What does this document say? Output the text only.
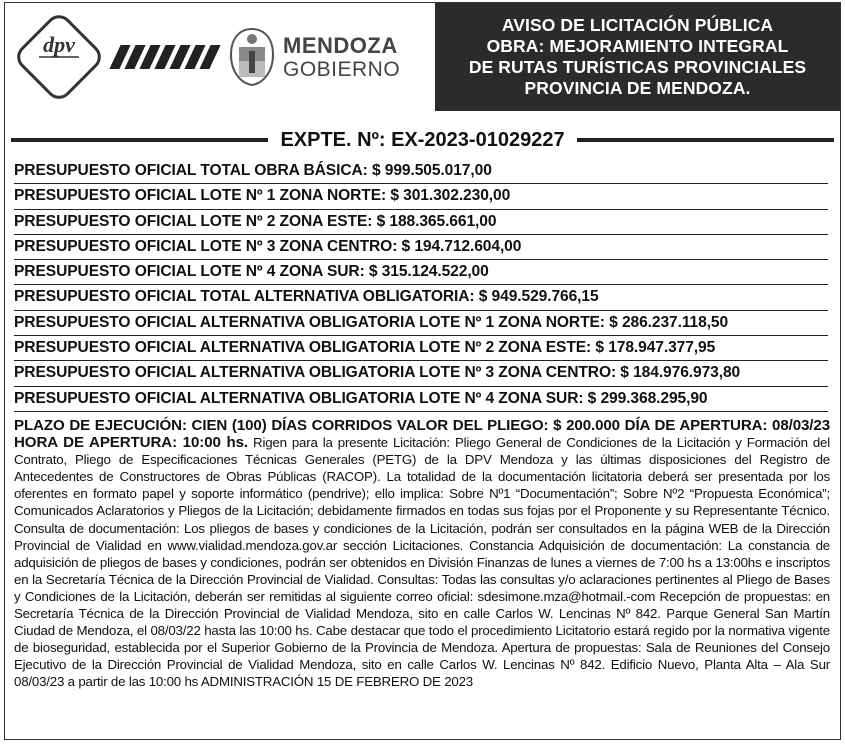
dpv	MENDOZA
GOBIERNO
AVISO DE LICITACIÓN PÚBLICA
OBRA: MEJORAMIENTO INTEGRAL
DE RUTAS TURÍSTICAS PROVINCIALES
PROVINCIA DE MENDOZA.
EXPTE. Nº: EX-2023-01029227
PRESUPUESTO OFICIAL TOTAL OBRA BÁSICA: $ 999.505.017,00
PRESUPUESTO OFICIAL LOTE Nº 1 ZONA NORTE: $ 301.302.230,00
PRESUPUESTO OFICIAL LOTE Nº 2 ZONA ESTE: $ 188.365.661,00
PRESUPUESTO OFICIAL LOTE Nº 3 ZONA CENTRO: $ 194.712.604,00
PRESUPUESTO OFICIAL LOTE Nº 4 ZONA SUR: $ 315.124.522,00
PRESUPUESTO OFICIAL TOTAL ALTERNATIVA OBLIGATORIA: $ 949.529.766,15
PRESUPUESTO OFICIAL ALTERNATIVA OBLIGATORIA LOTE Nº 1 ZONA NORTE: $ 286.237.118,50
PRESUPUESTO OFICIAL ALTERNATIVA OBLIGATORIA LOTE Nº 2 ZONA ESTE: $ 178.947.377,95
PRESUPUESTO OFICIAL ALTERNATIVA OBLIGATORIA LOTE Nº 3 ZONA CENTRO: $ 184.976.973,80
PRESUPUESTO OFICIAL ALTERNATIVA OBLIGATORIA LOTE Nº 4 ZONA SUR: $ 299.368.295,90
PLAZO DE EJECUCIÓN: CIEN (100) DÍAS CORRIDOS VALOR DEL PLIEGO: $ 200.000 DÍA DE APERTURA: 08/03/23 HORA DE APERTURA: 10:00 hs. Rigen para la presente Licitación: Pliego General de Condiciones de la Licitación y Formación del Contrato, Pliego de Especificaciones Técnicas Generales (PETG) de la DPV Mendoza y las últimas disposiciones del Registro de Antecedentes de Constructores de Obras Públicas (RACOP). La totalidad de la documentación licitatoria deberá ser presentada por los oferentes en formato papel y soporte informático (pendrive); ello implica: Sobre Nº1 “Documentación”; Sobre Nº2 “Propuesta Económica”; Comunicados Aclaratorios y Pliegos de la Licitación; debidamente firmados en todas sus fojas por el Proponente y su Representante Técnico. Consulta de documentación: Los pliegos de bases y condiciones de la Licitación, podrán ser consultados en la página WEB de la Dirección Provincial de Vialidad en www.vialidad.mendoza.gov.ar sección Licitaciones. Constancia Adquisición de documentación: La constancia de adquisición de pliegos de bases y condiciones, podrán ser obtenidos en División Finanzas de lunes a viernes de 7:00 hs a 13:00hs e inscriptos en la Secretaría Técnica de la Dirección Provincial de Vialidad. Consultas: Todas las consultas y/o aclaraciones pertinentes al Pliego de Bases y Condiciones de la Licitación, deberán ser remitidas al siguiente correo oficial: sdesimone.mza@hotmail.-com Recepción de propuestas: en Secretaría Técnica de la Dirección Provincial de Vialidad Mendoza, sito en calle Carlos W. Lencinas Nº 842. Parque General San Martín Ciudad de Mendoza, el 08/03/22 hasta las 10:00 hs. Cabe destacar que todo el procedimiento Licitatorio estará regido por la normativa vigente de bioseguridad, establecida por el Superior Gobierno de la Provincia de Mendoza. Apertura de propuestas: Sala de Reuniones del Consejo Ejecutivo de la Dirección Provincial de Vialidad Mendoza, sito en calle Carlos W. Lencinas Nº 842. Edificio Nuevo, Planta Alta – Ala Sur 08/03/23 a partir de las 10:00 hs ADMINISTRACIÓN 15 DE FEBRERO DE 2023
